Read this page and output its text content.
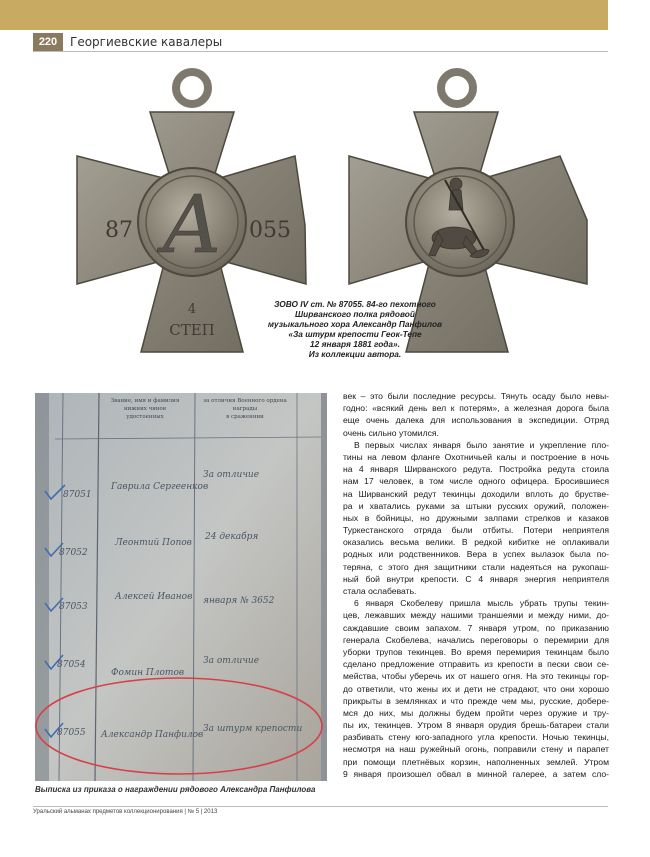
220	Георгиевские кавалеры
A
87	055
4
СТЕП
ЗОВО IV ст. № 87055. 84-го пехотного
Ширванского полка рядовой
музыкального хора Александр Панфилов
«За штурм крепости Геок-Тепе
12 января 1881 года».
Из коллекции автора.
Звание, имя и фамилия
нижних чинов
удостоенных
за отличия Военного ордена
награды
в сраженнии
87051
Гаврила Сергеенков
За отличие
87052
Леонтий Попов
24 декабря
87053
Алексей Иванов января № 3652
87054
Фомин Плотов
За отличие
87055 Александр Панфилов
За штурм крепости
Выписка из приказа о награждении рядового Александра Панфилова
век – это были последние ресурсы. Тянуть осаду было невы-
годно: «всякий день вел к потерям», а железная дорога была
еще очень далека для использования в экспедиции. Отряд
очень сильно утомился.
В первых числах января было занятие и укрепление пло-
тины на левом фланге Охотничьей калы и построение в ночь
на 4 января Ширванского редута. Постройка редута стоила
нам 17 человек, в том числе одного офицера. Бросившиеся
на Ширванский редут текинцы доходили вплоть до брустве-
ра и хватались руками за штыки русских оружий, положен-
ных в бойницы, но дружными залпами стрелков и казаков
Туркестанского отряда были отбиты. Потери неприятеля
оказались весьма велики. В редкой кибитке не оплакивали
родных или родственников. Вера в успех вылазок была по-
теряна, с этого дня защитники стали надеяться на рукопаш-
ный бой внутри крепости. С 4 января энергия неприятеля
стала ослабевать.
6 января Скобелеву пришла мысль убрать трупы текин-
цев, лежавших между нашими траншеями и между ними, до-
саждавшие своим запахом. 7 января утром, по приказанию
генерала Скобелева, начались переговоры о перемирии для
уборки трупов текинцев. Во время перемирия текинцам было
сделано предложение отправить из крепости в пески свои се-
мейства, чтобы уберечь их от нашего огня. На это текинцы гор-
до ответили, что жены их и дети не страдают, что они хорошо
прикрыты в землянках и что прежде чем мы, русские, добере-
мся до них, мы должны будем пройти через оружие и тру-
пы их, текинцев. Утром 8 января орудия брешь-батареи стали
разбивать стену юго-западного угла крепости. Ночью текинцы,
несмотря на наш ружейный огонь, поправили стену и парапет
при помощи плетнёвых корзин, наполненных землей. Утром
9 января произошел обвал в минной галерее, а затем сло-
Уральский альманах предметов коллекционирования | № 5 | 2013
